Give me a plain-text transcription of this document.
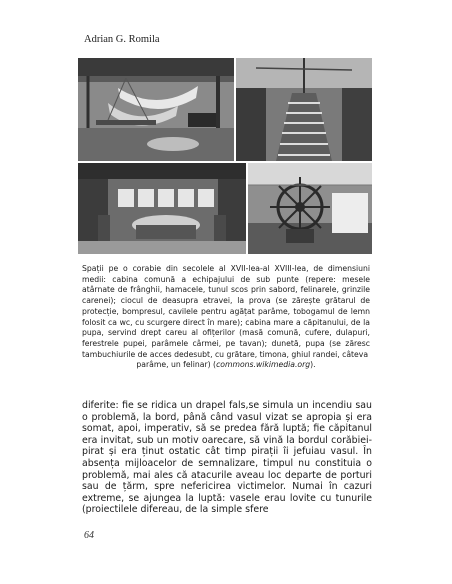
Adrian G. Romila
Spații pe o corabie din secolele al XVII-lea-al XVIII-lea, de dimensiuni medii: cabina comună a echipajului de sub punte (repere: mesele atârnate de frânghii, hamacele, tunul scos prin sabord, felinarele, grinzile carenei); ciocul de deasupra etravei, la prova (se zărește grătarul de protecție, bompresul, cavilele pentru agățat parâme, tobogamul de lemn folosit ca wc, cu scurgere direct în mare); cabina mare a căpitanului, de la pupa, servind drept careu al ofițerilor (masă comună, cufere, dulapuri, ferestrele pupei, parâmele cârmei, pe tavan); dunetă, pupa (se zăresc tambuchiurile de acces dedesubt, cu grătare, timona, ghiul randei, câteva
parâme, un felinar) (commons.wikimedia.org).

diferite: fie se ridica un drapel fals,se simula un incendiu sau o problemă, la bord, până când vasul vizat se apropia și era somat, apoi, imperativ, să se predea fără luptă; fie căpitanul era invitat, sub un motiv oarecare, să vină la bordul corăbiei-pirat și era ținut ostatic cât timp pirații îi jefuiau vasul. În absența mijloacelor de semnalizare, timpul nu constituia o problemă, mai ales că atacurile aveau loc departe de porturi sau de țărm, spre nefericirea victimelor. Numai în cazuri extreme, se ajungea la luptă: vasele erau lovite cu tunurile (proiectilele difereau, de la simple sfere

64
